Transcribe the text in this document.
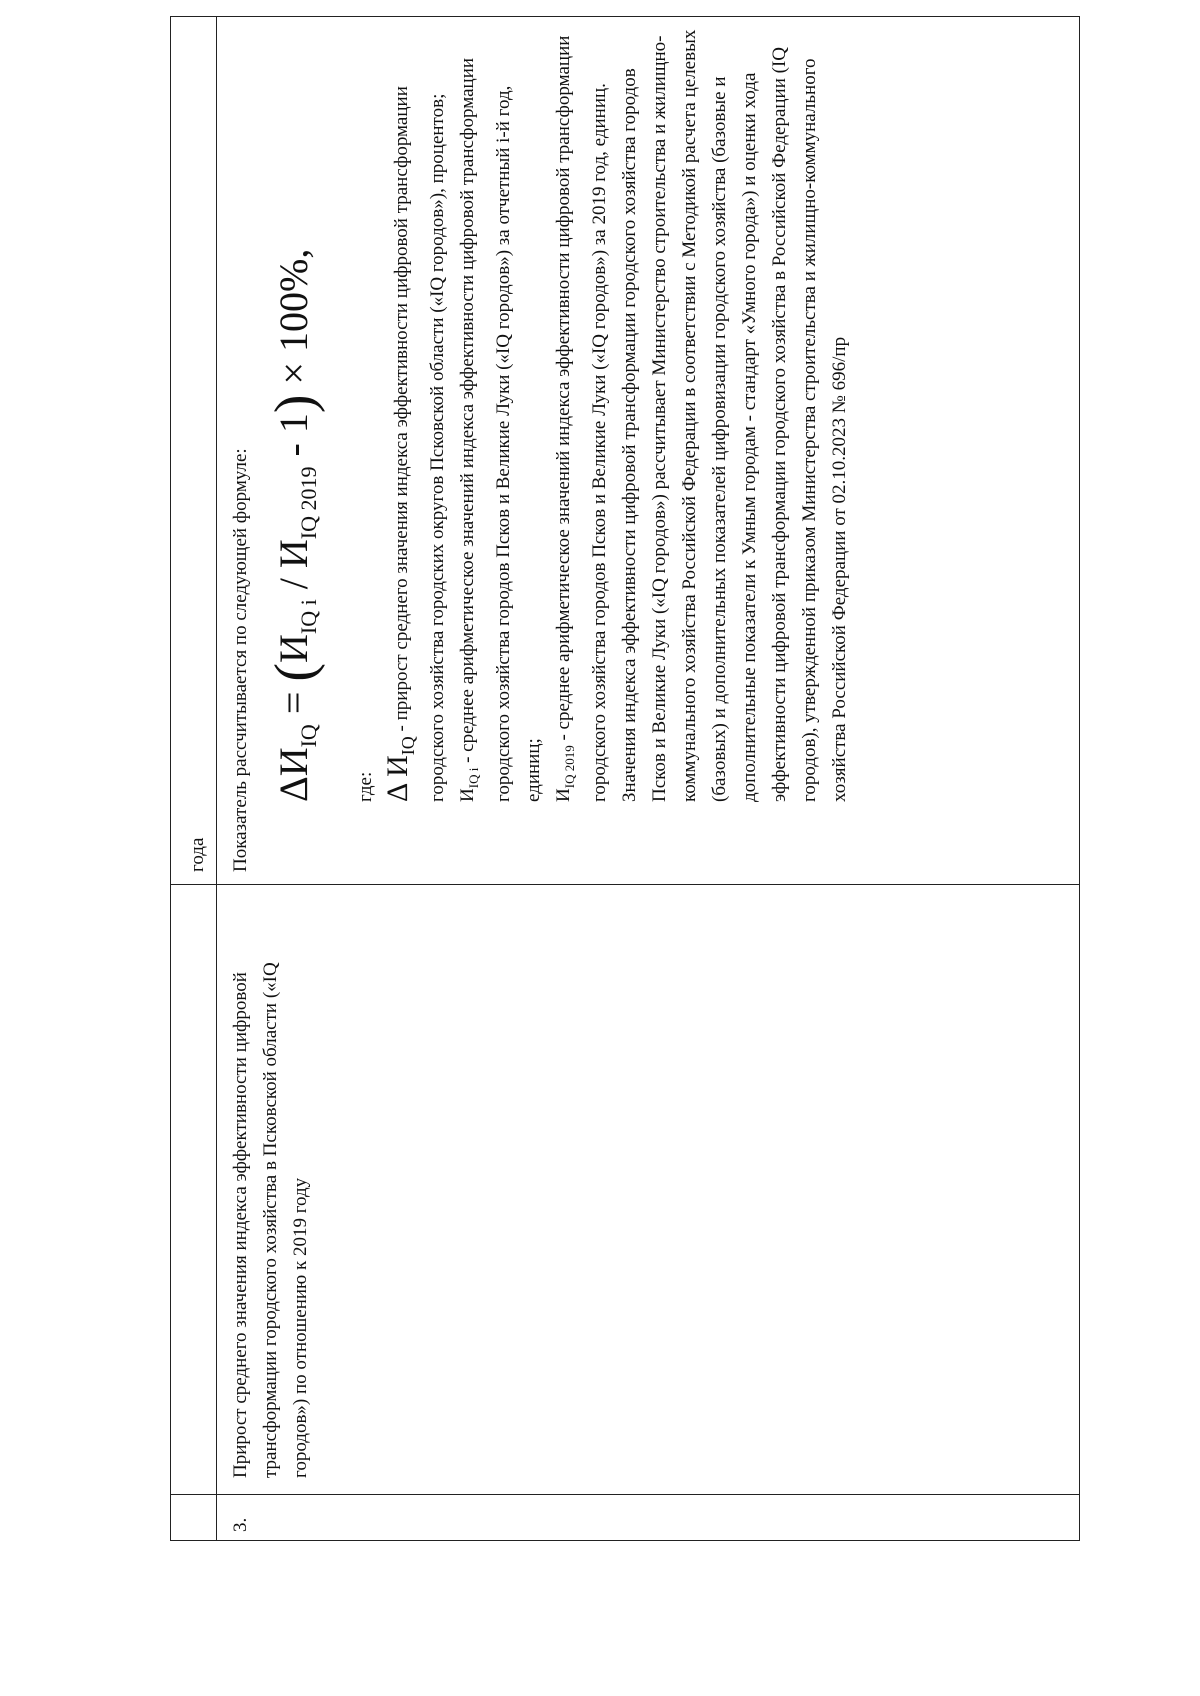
года
3.
Прирост среднего значения индекса эффективности цифровой трансформации городского хозяйства в Псковской области («IQ городов») по отношению к 2019 году
Показатель рассчитывается по следующей формуле: $\Delta И_{IQ} = (И_{IQ i} / И_{IQ 2019} - 1) \times 100\%$,
где: Δ $И_{IQ}$ - прирост среднего значения индекса эффективности цифровой трансформации городского хозяйства городских округов Псковской области («IQ городов»), процентов; $И_{IQ i}$ - среднее арифметическое значений индекса эффективности цифровой трансформации городского хозяйства городов Псков и Великие Луки («IQ городов») за отчетный i-й год, единиц; $И_{IQ 2019}$ - среднее арифметическое значений индекса эффективности цифровой трансформации городского хозяйства городов Псков и Великие Луки («IQ городов») за 2019 год, единиц. Значения индекса эффективности цифровой трансформации городского хозяйства городов Псков и Великие Луки («IQ городов») рассчитывает Министерство строительства и жилищно-коммунального хозяйства Российской Федерации в соответствии с Методикой расчета целевых (базовых) и дополнительных показателей цифровизации городского хозяйства (базовые и дополнительные показатели к Умным городам - стандарт «Умного города») и оценки хода эффективности цифровой трансформации городского хозяйства в Российской Федерации (IQ городов), утвержденной приказом Министерства строительства и жилищно-коммунального хозяйства Российской Федерации от 02.10.2023 № 696/пр
